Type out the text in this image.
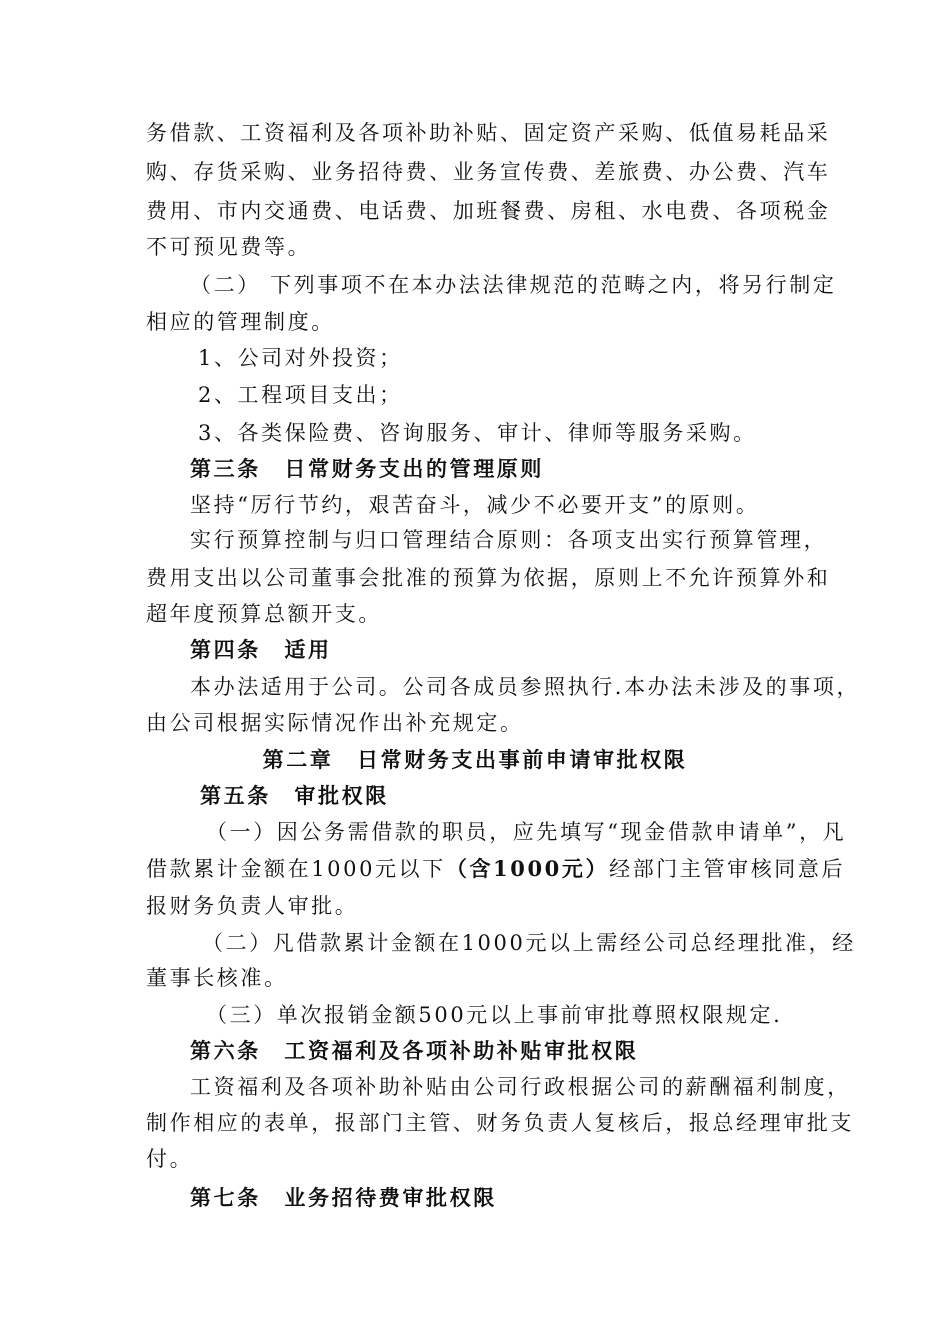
务借款、工资福利及各项补助补贴、固定资产采购、低值易耗品采
购、存货采购、业务招待费、业务宣传费、差旅费、办公费、汽车
费用、市内交通费、电话费、加班餐费、房租、水电费、各项税金
不可预见费等。
（二） 下列事项不在本办法法律规范的范畴之内，将另行制定
相应的管理制度。
1、公司对外投资；
2、工程项目支出；
3、各类保险费、咨询服务、审计、律师等服务采购。
第三条　日常财务支出的管理原则
坚持“厉行节约，艰苦奋斗，减少不必要开支”的原则。
实行预算控制与归口管理结合原则：各项支出实行预算管理，
费用支出以公司董事会批准的预算为依据，原则上不允许预算外和
超年度预算总额开支。
第四条　适用
本办法适用于公司。公司各成员参照执行.本办法未涉及的事项，
由公司根据实际情况作出补充规定。
第二章　日常财务支出事前申请审批权限
第五条　审批权限
（一）因公务需借款的职员，应先填写“现金借款申请单”，凡
借款累计金额在1000元以下（含1000元）经部门主管审核同意后
报财务负责人审批。
（二）凡借款累计金额在1000元以上需经公司总经理批准，经
董事长核准。
（三）单次报销金额500元以上事前审批尊照权限规定.
第六条　工资福利及各项补助补贴审批权限
工资福利及各项补助补贴由公司行政根据公司的薪酬福利制度，
制作相应的表单，报部门主管、财务负责人复核后，报总经理审批支
付。
第七条　业务招待费审批权限
